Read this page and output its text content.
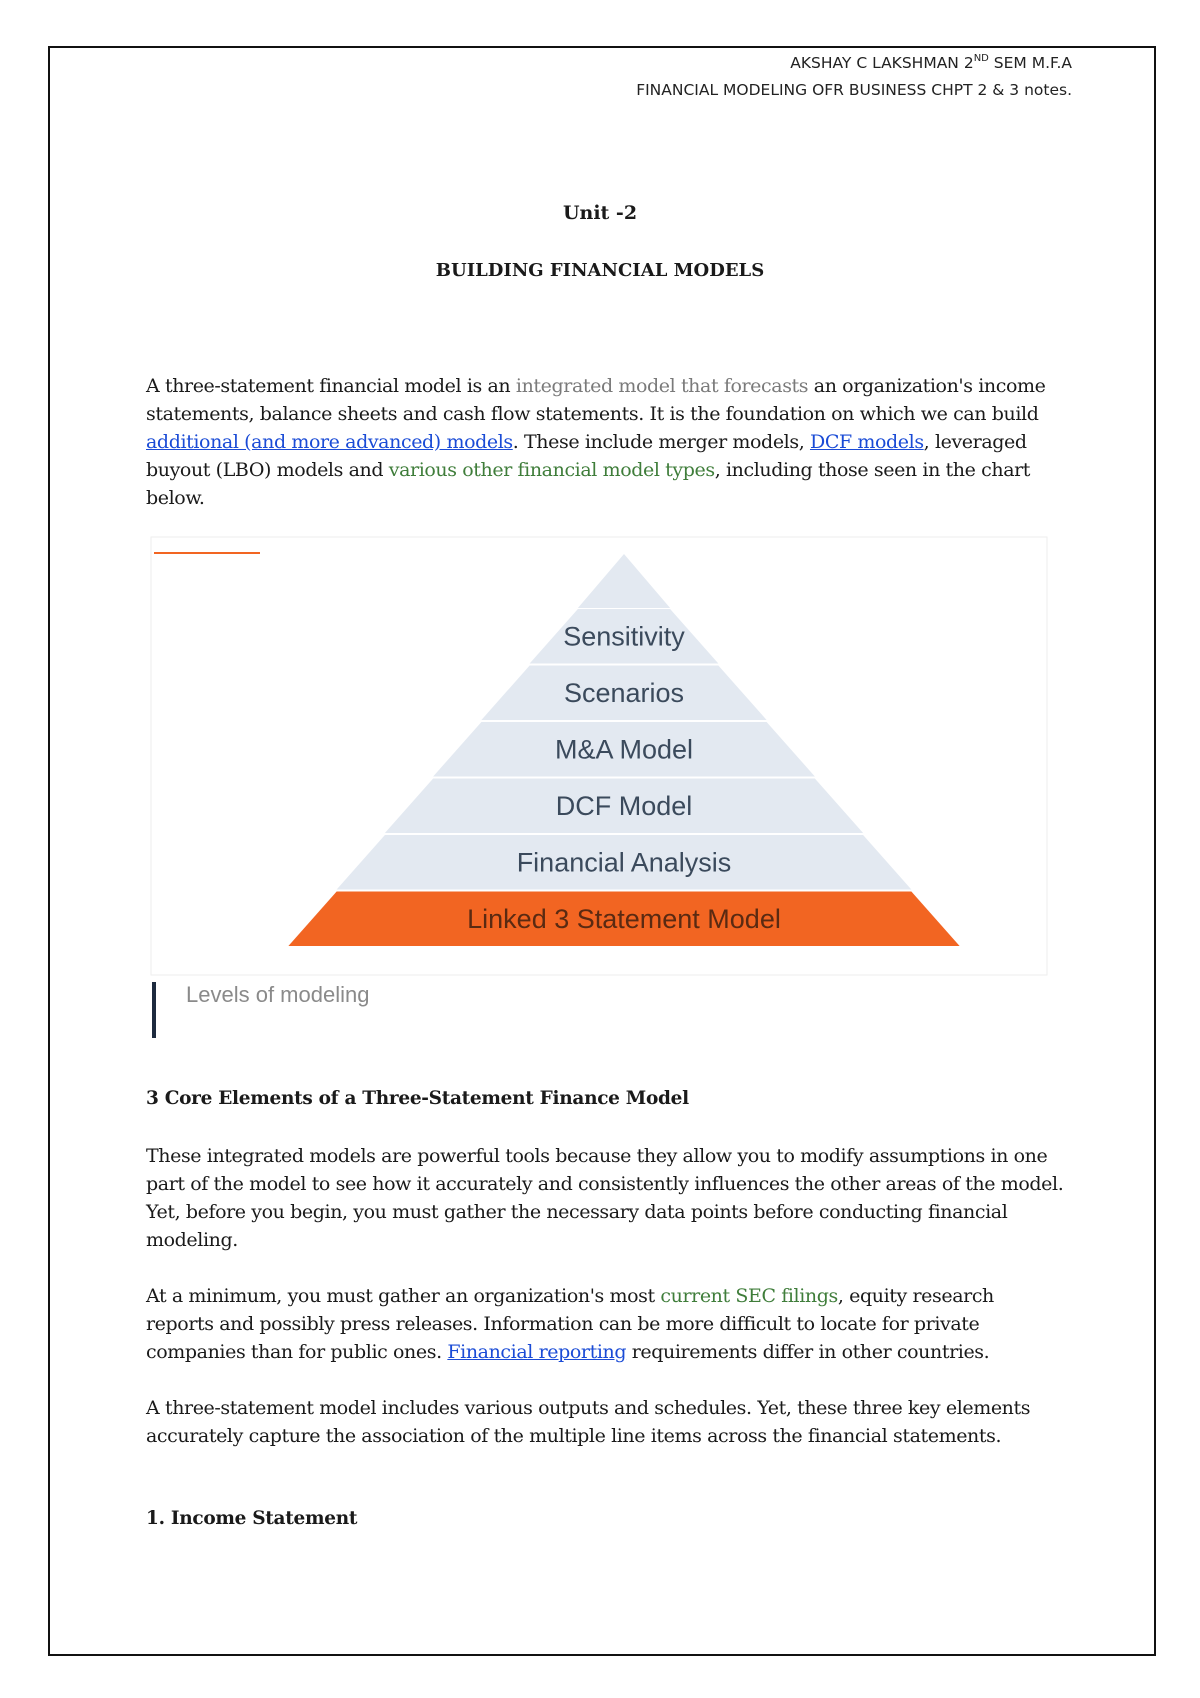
AKSHAY C LAKSHMAN 2ND SEM M.F.A
FINANCIAL MODELING OFR BUSINESS CHPT 2 & 3 notes.
Unit -2
BUILDING FINANCIAL MODELS

A three-statement financial model is an integrated model that forecasts an organization's income statements, balance sheets and cash flow statements. It is the foundation on which we can build additional (and more advanced) models. These include merger models, DCF models, leveraged buyout (LBO) models and various other financial model types, including those seen in the chart below.

Sensitivity
Scenarios
M&A Model
DCF Model
Financial Analysis
Linked 3 Statement Model
Levels of modeling
3 Core Elements of a Three-Statement Finance Model

These integrated models are powerful tools because they allow you to modify assumptions in one part of the model to see how it accurately and consistently influences the other areas of the model. Yet, before you begin, you must gather the necessary data points before conducting financial modeling.

At a minimum, you must gather an organization's most current SEC filings, equity research reports and possibly press releases. Information can be more difficult to locate for private companies than for public ones. Financial reporting requirements differ in other countries.

A three-statement model includes various outputs and schedules. Yet, these three key elements accurately capture the association of the multiple line items across the financial statements.

1. Income Statement
